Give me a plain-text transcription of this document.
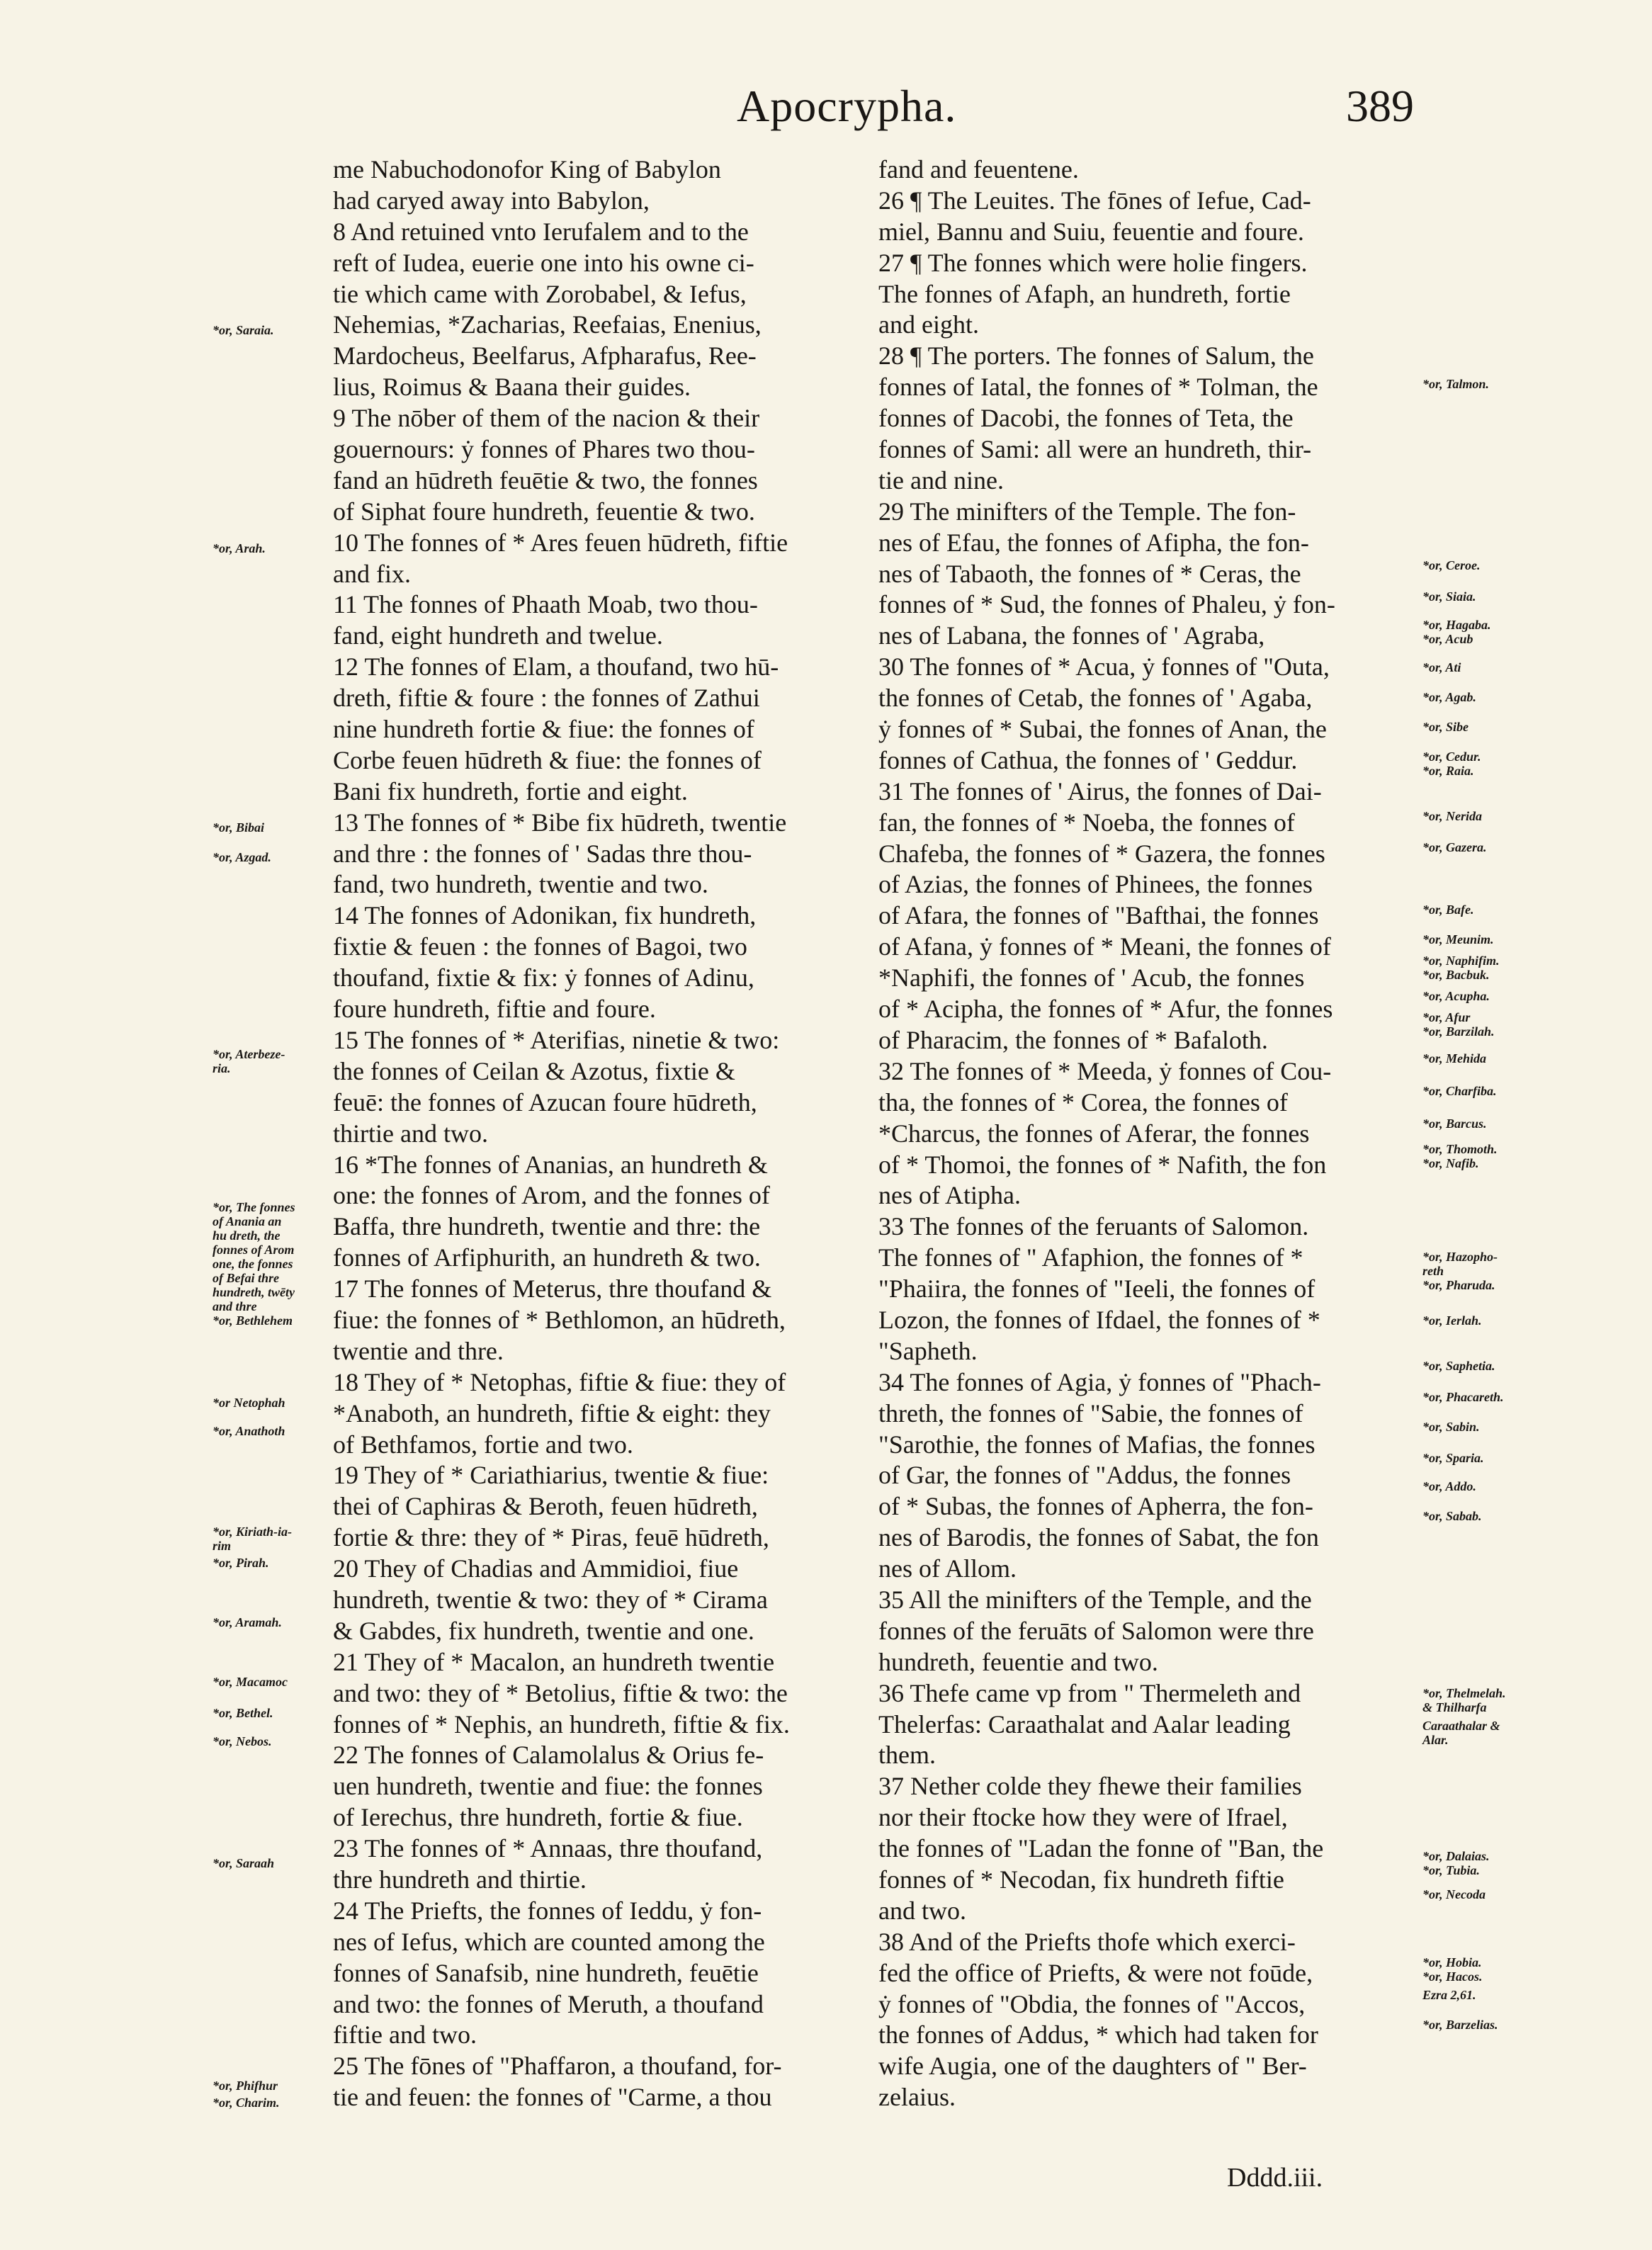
Apocrypha.	389
me Nabuchodonofor King of Babylon
had caryed away into Babylon,
8 And retuined vnto Ierufalem and to the
reft of Iudea, euerie one into his owne ci-
tie which came with Zorobabel, & Iefus,
Nehemias, *Zacharias, Reefaias, Enenius,
Mardocheus, Beelfarus, Afpharafus, Ree-
lius, Roimus & Baana their guides.
9 The nōber of them of the nacion & their
gouernours: ẏ fonnes of Phares two thou-
fand an hūdreth feuētie & two, the fonnes
of Siphat foure hundreth, feuentie & two.
10 The fonnes of * Ares feuen hūdreth, fiftie
and fix.
11 The fonnes of Phaath Moab, two thou-
fand, eight hundreth and twelue.
12 The fonnes of Elam, a thoufand, two hū-
dreth, fiftie & foure : the fonnes of Zathui
nine hundreth fortie & fiue: the fonnes of
Corbe feuen hūdreth & fiue: the fonnes of
Bani fix hundreth, fortie and eight.
13 The fonnes of * Bibe fix hūdreth, twentie
and thre : the fonnes of ' Sadas thre thou-
fand, two hundreth, twentie and two.
14 The fonnes of Adonikan, fix hundreth,
fixtie & feuen : the fonnes of Bagoi, two
thoufand, fixtie & fix: ẏ fonnes of Adinu,
foure hundreth, fiftie and foure.
15 The fonnes of * Aterifias, ninetie & two:
the fonnes of Ceilan & Azotus, fixtie &
feuē: the fonnes of Azucan foure hūdreth,
thirtie and two.
16 *The fonnes of Ananias, an hundreth &
one: the fonnes of Arom, and the fonnes of
Baffa, thre hundreth, twentie and thre: the
fonnes of Arfiphurith, an hundreth & two.
17 The fonnes of Meterus, thre thoufand &
fiue: the fonnes of * Bethlomon, an hūdreth,
twentie and thre.
18 They of * Netophas, fiftie & fiue: they of
*Anaboth, an hundreth, fiftie & eight: they
of Bethfamos, fortie and two.
19 They of * Cariathiarius, twentie & fiue:
thei of Caphiras & Beroth, feuen hūdreth,
fortie & thre: they of * Piras, feuē hūdreth,
20 They of Chadias and Ammidioi, fiue
hundreth, twentie & two: they of * Cirama
& Gabdes, fix hundreth, twentie and one.
21 They of * Macalon, an hundreth twentie
and two: they of * Betolius, fiftie & two: the
fonnes of * Nephis, an hundreth, fiftie & fix.
22 The fonnes of Calamolalus & Orius fe-
uen hundreth, twentie and fiue: the fonnes
of Ierechus, thre hundreth, fortie & fiue.
23 The fonnes of * Annaas, thre thoufand,
thre hundreth and thirtie.
24 The Priefts, the fonnes of Ieddu, ẏ fon-
nes of Iefus, which are counted among the
fonnes of Sanafsib, nine hundreth, feuētie
and two: the fonnes of Meruth, a thoufand
fiftie and two.
25 The fōnes of "Phaffaron, a thoufand, for-
tie and feuen: the fonnes of "Carme, a thou
fand and feuentene.
26 ¶ The Leuites. The fōnes of Iefue, Cad-
miel, Bannu and Suiu, feuentie and foure.
27 ¶ The fonnes which were holie fingers.
The fonnes of Afaph, an hundreth, fortie
and eight.
28 ¶ The porters. The fonnes of Salum, the
fonnes of Iatal, the fonnes of * Tolman, the
fonnes of Dacobi, the fonnes of Teta, the
fonnes of Sami: all were an hundreth, thir-
tie and nine.
29 The minifters of the Temple. The fon-
nes of Efau, the fonnes of Afipha, the fon-
nes of Tabaoth, the fonnes of * Ceras, the
fonnes of * Sud, the fonnes of Phaleu, ẏ fon-
nes of Labana, the fonnes of ' Agraba,
30 The fonnes of * Acua, ẏ fonnes of "Outa,
the fonnes of Cetab, the fonnes of ' Agaba,
ẏ fonnes of * Subai, the fonnes of Anan, the
fonnes of Cathua, the fonnes of ' Geddur.
31 The fonnes of ' Airus, the fonnes of Dai-
fan, the fonnes of * Noeba, the fonnes of
Chafeba, the fonnes of * Gazera, the fonnes
of Azias, the fonnes of Phinees, the fonnes
of Afara, the fonnes of "Bafthai, the fonnes
of Afana, ẏ fonnes of * Meani, the fonnes of
*Naphifi, the fonnes of ' Acub, the fonnes
of * Acipha, the fonnes of * Afur, the fonnes
of Pharacim, the fonnes of * Bafaloth.
32 The fonnes of * Meeda, ẏ fonnes of Cou-
tha, the fonnes of * Corea, the fonnes of
*Charcus, the fonnes of Aferar, the fonnes
of * Thomoi, the fonnes of * Nafith, the fon
nes of Atipha.
33 The fonnes of the feruants of Salomon.
The fonnes of " Afaphion, the fonnes of *
"Phaiira, the fonnes of "Ieeli, the fonnes of
Lozon, the fonnes of Ifdael, the fonnes of *
"Sapheth.
34 The fonnes of Agia, ẏ fonnes of "Phach-
threth, the fonnes of "Sabie, the fonnes of
"Sarothie, the fonnes of Mafias, the fonnes
of Gar, the fonnes of "Addus, the fonnes
of * Subas, the fonnes of Apherra, the fon-
nes of Barodis, the fonnes of Sabat, the fon
nes of Allom.
35 All the minifters of the Temple, and the
fonnes of the feruāts of Salomon were thre
hundreth, feuentie and two.
36 Thefe came vp from " Thermeleth and
Thelerfas: Caraathalat and Aalar leading
them.
37 Nether colde they fhewe their families
nor their ftocke how they were of Ifrael,
the fonnes of "Ladan the fonne of "Ban, the
fonnes of * Necodan, fix hundreth fiftie
and two.
38 And of the Priefts thofe which exerci-
fed the office of Priefts, & were not foūde,
ẏ fonnes of "Obdia, the fonnes of "Accos,
the fonnes of Addus, * which had taken for
wife Augia, one of the daughters of " Ber-
zelaius.
*or, Saraia.
*or, Arah.
*or, Bibai
*or, Azgad.
*or, Aterbeze-
ria.
*or, The fonnes
of Anania an
hu dreth, the
fonnes of Arom
one, the fonnes
of Befai thre
hundreth, twēty
and thre
*or, Bethlehem
*or Netophah
*or, Anathoth
*or, Kiriath-ia-
rim
*or, Pirah.
*or, Aramah.
*or, Macamoc
*or, Bethel.
*or, Nebos.
*or, Saraah
*or, Phifhur
*or, Charim.
*or, Talmon.
*or, Ceroe.
*or, Siaia.
*or, Hagaba.
*or, Acub
*or, Ati
*or, Agab.
*or, Sibe
*or, Cedur.
*or, Raia.
*or, Nerida
*or, Gazera.
*or, Bafe.
*or, Meunim.
*or, Naphifim.
*or, Bacbuk.
*or, Acupha.
*or, Afur
*or, Barzilah.
*or, Mehida
*or, Charfiba.
*or, Barcus.
*or, Thomoth.
*or, Nafib.
*or, Hazopho-
reth
*or, Pharuda.
*or, Ierlah.
*or, Saphetia.
*or, Phacareth.
*or, Sabin.
*or, Sparia.
*or, Addo.
*or, Sabab.
*or, Thelmelah.
& Thilharfa
Caraathalar &
Alar.
*or, Dalaias.
*or, Tubia.
*or, Necoda
*or, Hobia.
*or, Hacos.
Ezra 2,61.
*or, Barzelias.
Dddd.iii.
